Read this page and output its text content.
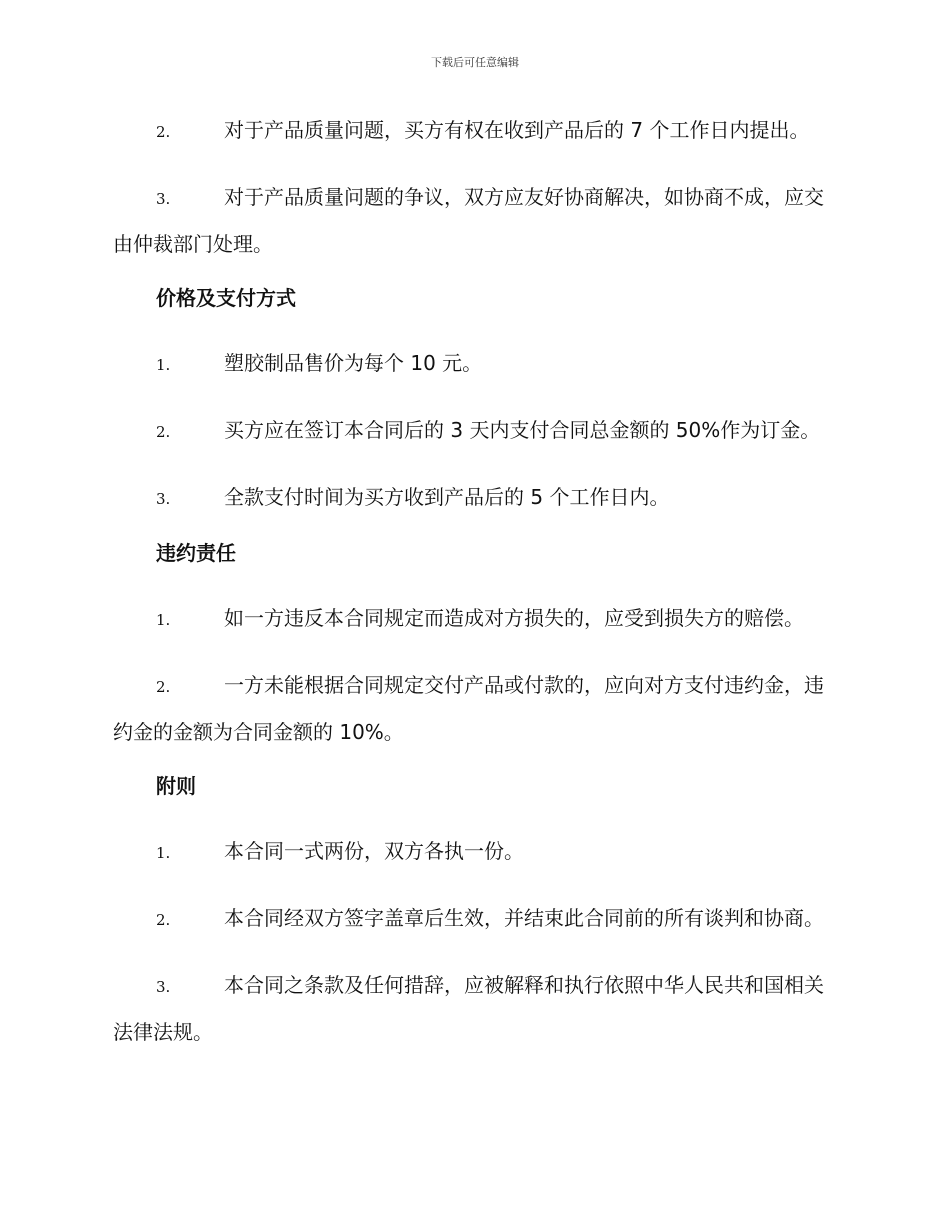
下载后可任意编辑

2.	对于产品质量问题，买方有权在收到产品后的 7 个工作日内提出。

3.	对于产品质量问题的争议，双方应友好协商解决，如协商不成，应交由仲裁部门处理。

价格及支付方式

1.	塑胶制品售价为每个 10 元。

2.	买方应在签订本合同后的 3 天内支付合同总金额的 50%作为订金。

3.	全款支付时间为买方收到产品后的 5 个工作日内。

违约责任

1.	如一方违反本合同规定而造成对方损失的，应受到损失方的赔偿。

2.	一方未能根据合同规定交付产品或付款的，应向对方支付违约金，违约金的金额为合同金额的 10%。

附则

1.	本合同一式两份，双方各执一份。

2.	本合同经双方签字盖章后生效，并结束此合同前的所有谈判和协商。

3.	本合同之条款及任何措辞，应被解释和执行依照中华人民共和国相关法律法规。
